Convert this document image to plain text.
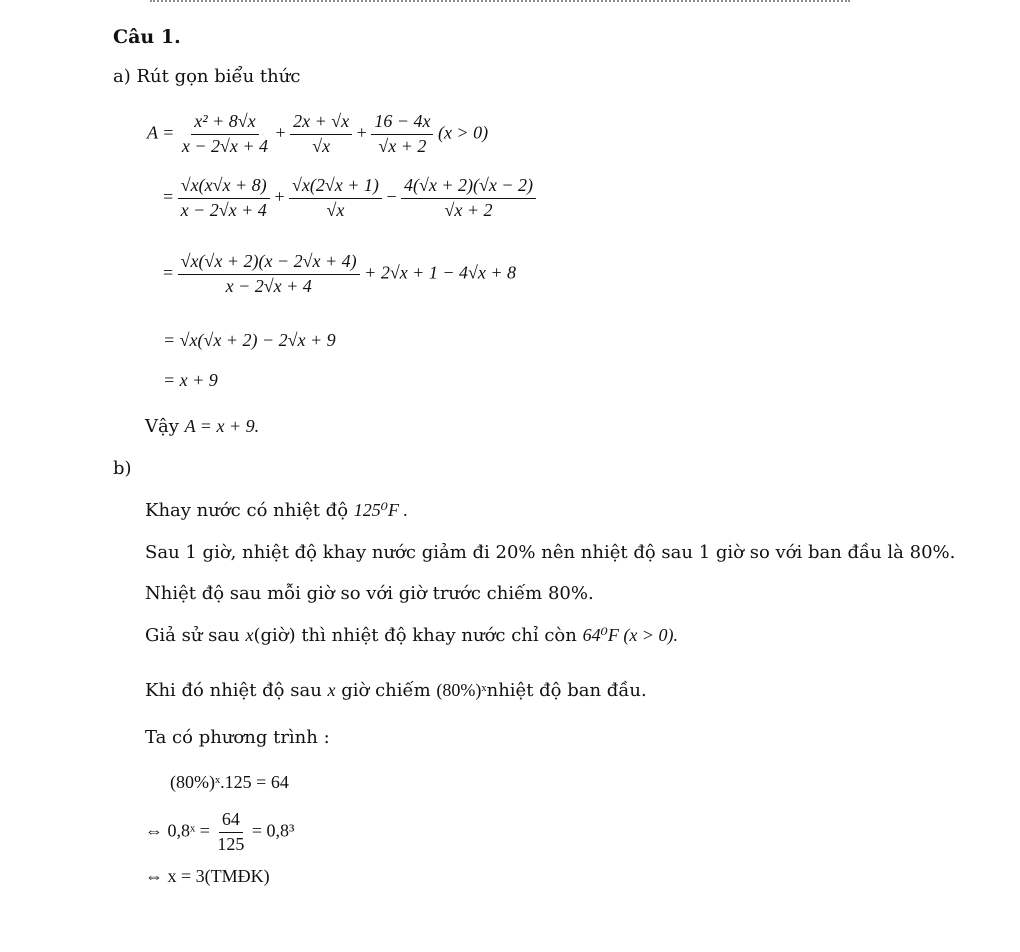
Câu 1.
a) Rút gọn biểu thức
$A = \frac{\text{x² + 8√x}}{x - 2√x + 4} + \frac{2x + √x}{√x} + \frac{16 - 4x}{√x + 2} (x > 0)$
= $\frac{√x(x√x + 8)}{x - 2√x + 4} + \frac{√x(2√x + 1)}{√x} - \frac{4(√x + 2)(√x - 2)}{√x + 2}$
= $\frac{√x(√x + 2)(x - 2√x + 4)}{x - 2√x + 4} + 2√x + 1 - 4√x + 8$
= √x(√x + 2) − 2√x + 9
= x + 9
Vậy A = x + 9.
b)
Khay nước có nhiệt độ 125⁰F .
Sau 1 giờ, nhiệt độ khay nước giảm đi 20% nên nhiệt độ sau 1 giờ so với ban đầu là 80%.
Nhiệt độ sau mỗi giờ so với giờ trước chiếm 80%.
Giả sử sau x(giờ) thì nhiệt độ khay nước chỉ còn 64⁰F (x > 0).
Khi đó nhiệt độ sau x giờ chiếm (80%)ˣnhiệt độ ban đầu.
Ta có phương trình :
(80%)ˣ.125 = 64
⇔ 0,8ˣ = $\frac{64}{125} = 0,8^3$
⇔ x = 3(TMĐK)
